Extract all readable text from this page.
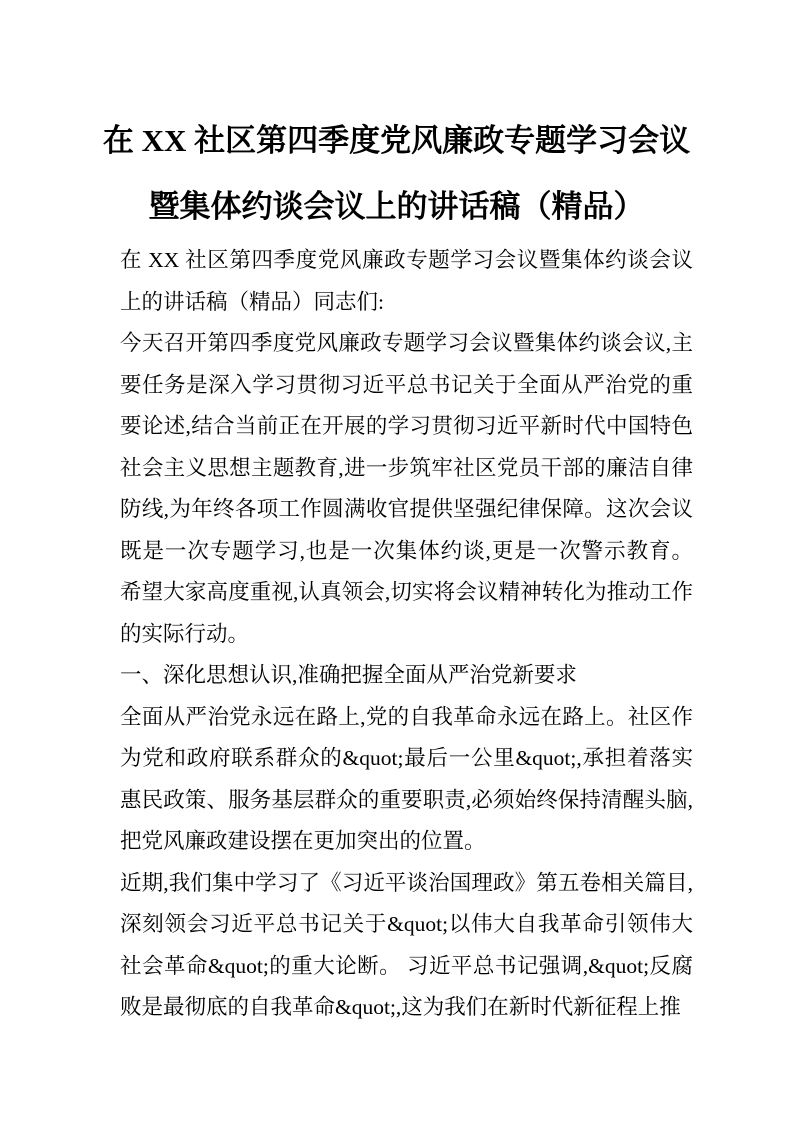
在 XX 社区第四季度党风廉政专题学习会议
暨集体约谈会议上的讲话稿（精品）

在 XX 社区第四季度党风廉政专题学习会议暨集体约谈会议上的讲话稿（精品）同志们:

今天召开第四季度党风廉政专题学习会议暨集体约谈会议,主要任务是深入学习贯彻习近平总书记关于全面从严治党的重要论述,结合当前正在开展的学习贯彻习近平新时代中国特色社会主义思想主题教育,进一步筑牢社区党员干部的廉洁自律防线,为年终各项工作圆满收官提供坚强纪律保障。这次会议既是一次专题学习,也是一次集体约谈,更是一次警示教育。 希望大家高度重视,认真领会,切实将会议精神转化为推动工作的实际行动。

一、深化思想认识,准确把握全面从严治党新要求

全面从严治党永远在路上,党的自我革命永远在路上。社区作为党和政府联系群众的&quot;最后一公里&quot;,承担着落实惠民政策、服务基层群众的重要职责,必须始终保持清醒头脑,把党风廉政建设摆在更加突出的位置。

近期,我们集中学习了《习近平谈治国理政》第五卷相关篇目,深刻领会习近平总书记关于&quot;以伟大自我革命引领伟大社会革命&quot;的重大论断。 习近平总书记强调,&quot;反腐败是最彻底的自我革命&quot;,这为我们在新时代新征程上推
